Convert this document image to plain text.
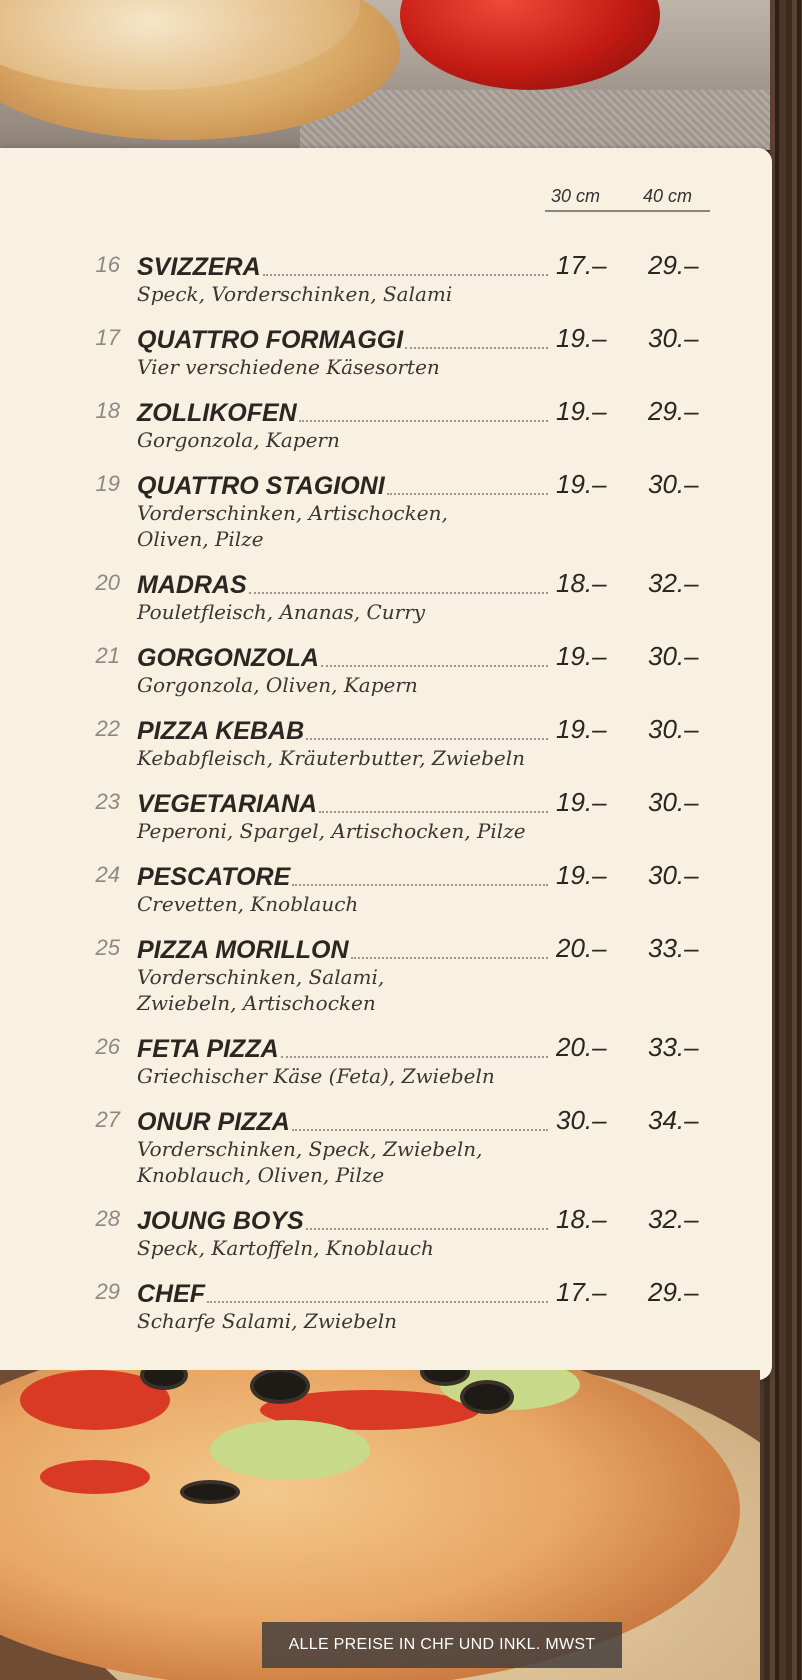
30 cm 40 cm
16 SVIZZERA	17.– 29.–
Speck, Vorderschinken, Salami
17 QUATTRO FORMAGGI	19.– 30.–
Vier verschiedene Käsesorten
18 ZOLLIKOFEN	19.– 29.–
Gorgonzola, Kapern
19 QUATTRO STAGIONI	19.– 30.–
Vorderschinken, Artischocken,
Oliven, Pilze
20 MADRAS	18.– 32.–
Pouletfleisch, Ananas, Curry
21 GORGONZOLA	19.– 30.–
Gorgonzola, Oliven, Kapern
22 PIZZA KEBAB	19.– 30.–
Kebabfleisch, Kräuterbutter, Zwiebeln
23 VEGETARIANA	19.– 30.–
Peperoni, Spargel, Artischocken, Pilze
24 PESCATORE	19.– 30.–
Crevetten, Knoblauch
25 PIZZA MORILLON	20.– 33.–
Vorderschinken, Salami,
Zwiebeln, Artischocken
26 FETA PIZZA	20.– 33.–
Griechischer Käse (Feta), Zwiebeln
27 ONUR PIZZA	30.– 34.–
Vorderschinken, Speck, Zwiebeln,
Knoblauch, Oliven, Pilze
28 JOUNG BOYS	18.– 32.–
Speck, Kartoffeln, Knoblauch
29 CHEF	17.– 29.–
Scharfe Salami, Zwiebeln
ALLE PREISE IN CHF UND INKL. MWST
